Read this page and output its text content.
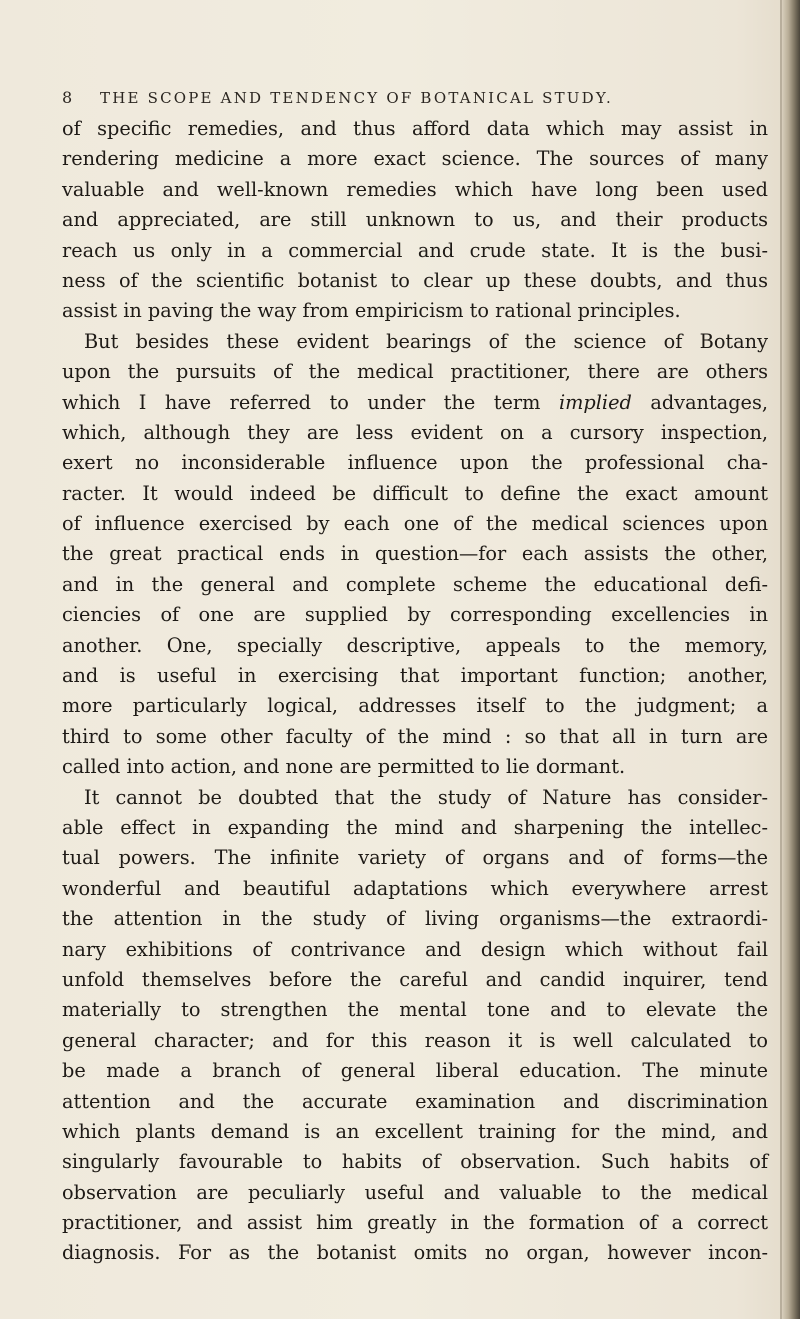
8 THE SCOPE AND TENDENCY OF BOTANICAL STUDY.
of specific remedies, and thus afford data which may assist in
rendering medicine a more exact science. The sources of many
valuable and well-known remedies which have long been used
and appreciated, are still unknown to us, and their products
reach us only in a commercial and crude state. It is the busi-
ness of the scientific botanist to clear up these doubts, and thus
assist in paving the way from empiricism to rational principles.
But besides these evident bearings of the science of Botany
upon the pursuits of the medical practitioner, there are others
which I have referred to under the term implied advantages,
which, although they are less evident on a cursory inspection,
exert no inconsiderable influence upon the professional cha-
racter. It would indeed be difficult to define the exact amount
of influence exercised by each one of the medical sciences upon
the great practical ends in question—for each assists the other,
and in the general and complete scheme the educational defi-
ciencies of one are supplied by corresponding excellencies in
another. One, specially descriptive, appeals to the memory,
and is useful in exercising that important function; another,
more particularly logical, addresses itself to the judgment; a
third to some other faculty of the mind : so that all in turn are
called into action, and none are permitted to lie dormant.
It cannot be doubted that the study of Nature has consider-
able effect in expanding the mind and sharpening the intellec-
tual powers. The infinite variety of organs and of forms—the
wonderful and beautiful adaptations which everywhere arrest
the attention in the study of living organisms—the extraordi-
nary exhibitions of contrivance and design which without fail
unfold themselves before the careful and candid inquirer, tend
materially to strengthen the mental tone and to elevate the
general character; and for this reason it is well calculated to
be made a branch of general liberal education. The minute
attention and the accurate examination and discrimination
which plants demand is an excellent training for the mind, and
singularly favourable to habits of observation. Such habits of
observation are peculiarly useful and valuable to the medical
practitioner, and assist him greatly in the formation of a correct
diagnosis. For as the botanist omits no organ, however incon-
